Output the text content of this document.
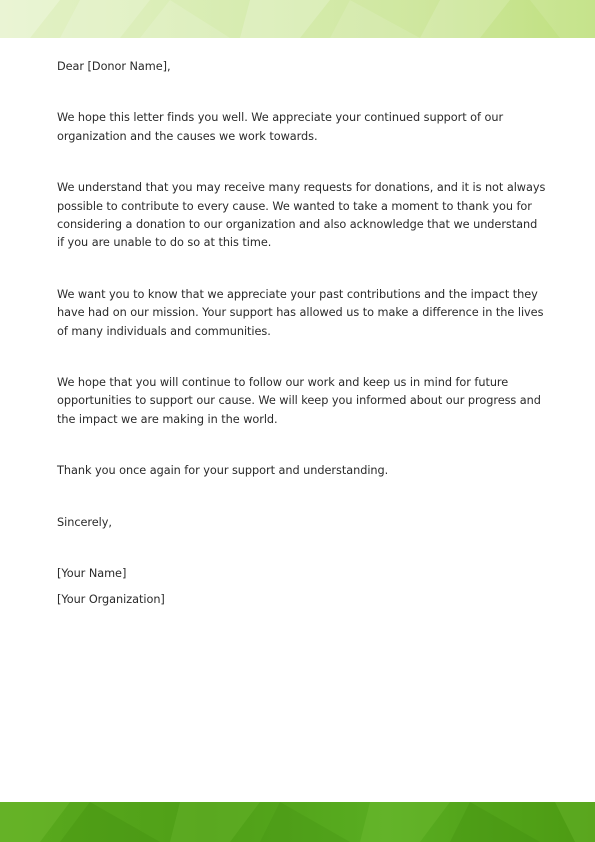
Dear [Donor Name],

We hope this letter finds you well. We appreciate your continued support of our organization and the causes we work towards.

We understand that you may receive many requests for donations, and it is not always possible to contribute to every cause. We wanted to take a moment to thank you for considering a donation to our organization and also acknowledge that we understand if you are unable to do so at this time.

We want you to know that we appreciate your past contributions and the impact they have had on our mission. Your support has allowed us to make a difference in the lives of many individuals and communities.

We hope that you will continue to follow our work and keep us in mind for future opportunities to support our cause. We will keep you informed about our progress and the impact we are making in the world.

Thank you once again for your support and understanding.

Sincerely,

[Your Name]

[Your Organization]
